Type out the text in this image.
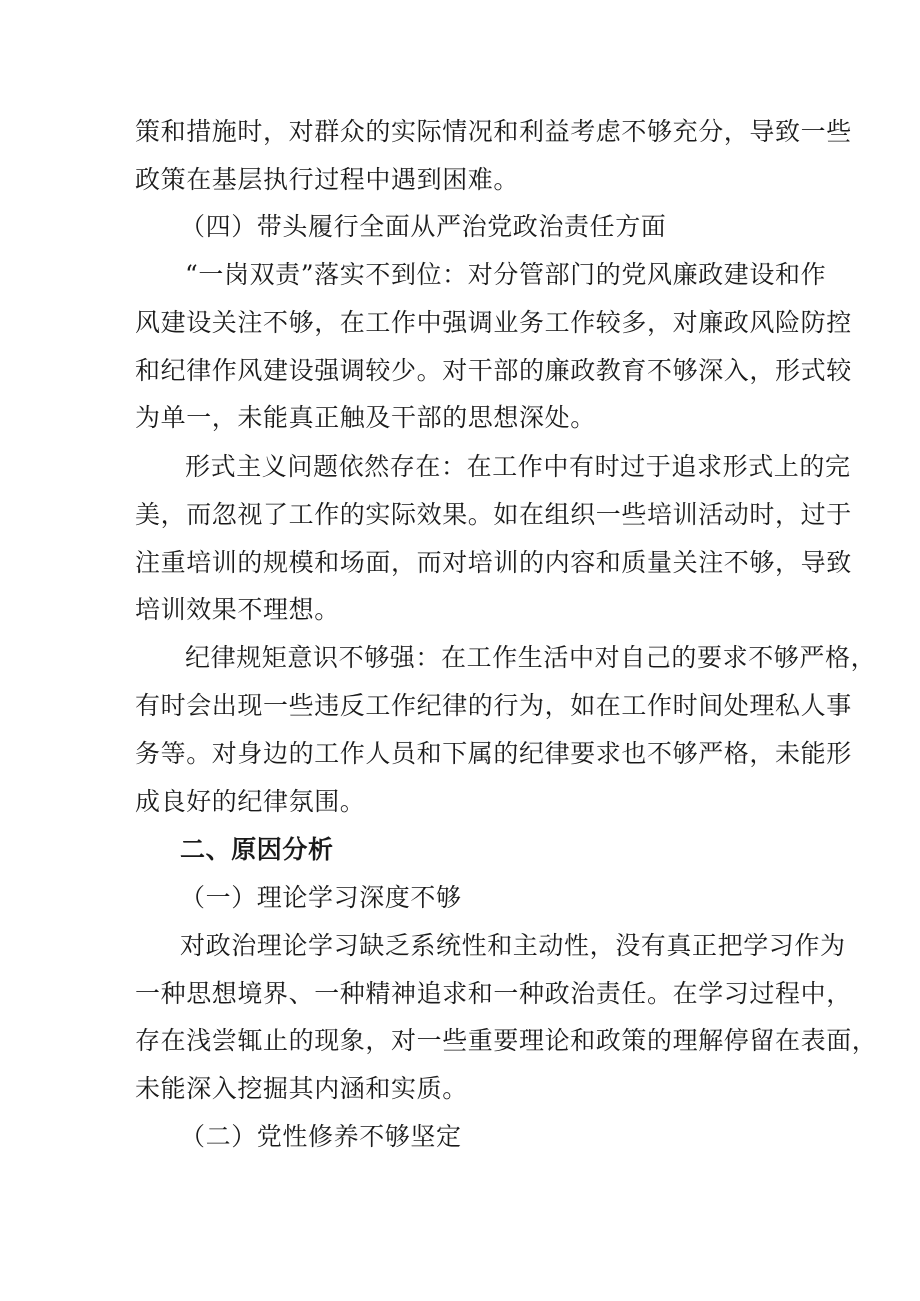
策和措施时，对群众的实际情况和利益考虑不够充分，导致一些
政策在基层执行过程中遇到困难。
（四）带头履行全面从严治党政治责任方面
“一岗双责”落实不到位：对分管部门的党风廉政建设和作
风建设关注不够，在工作中强调业务工作较多，对廉政风险防控
和纪律作风建设强调较少。对干部的廉政教育不够深入，形式较
为单一，未能真正触及干部的思想深处。
形式主义问题依然存在：在工作中有时过于追求形式上的完
美，而忽视了工作的实际效果。如在组织一些培训活动时，过于
注重培训的规模和场面，而对培训的内容和质量关注不够，导致
培训效果不理想。
纪律规矩意识不够强：在工作生活中对自己的要求不够严格，
有时会出现一些违反工作纪律的行为，如在工作时间处理私人事
务等。对身边的工作人员和下属的纪律要求也不够严格，未能形
成良好的纪律氛围。
二、原因分析
（一）理论学习深度不够
对政治理论学习缺乏系统性和主动性，没有真正把学习作为
一种思想境界、一种精神追求和一种政治责任。在学习过程中，
存在浅尝辄止的现象，对一些重要理论和政策的理解停留在表面，
未能深入挖掘其内涵和实质。
（二）党性修养不够坚定
